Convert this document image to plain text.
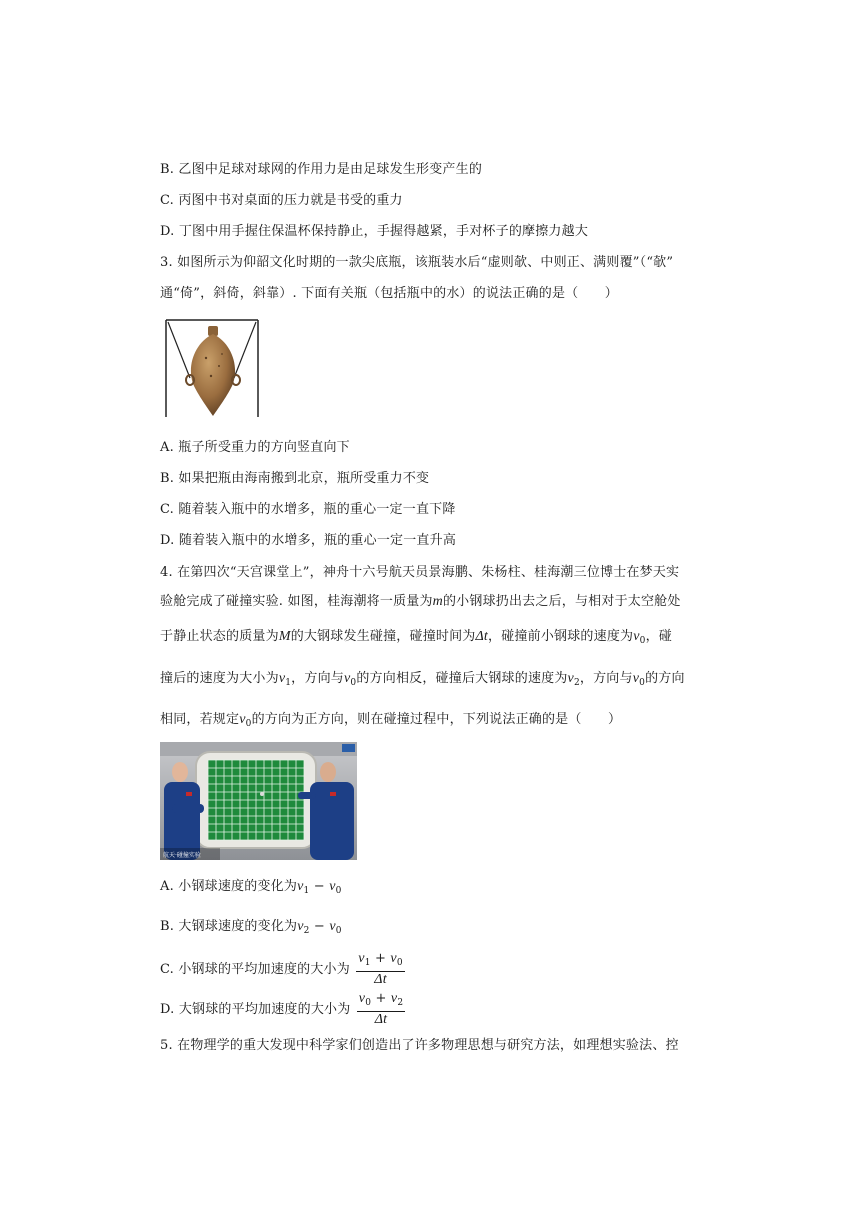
B. 乙图中足球对球网的作用力是由足球发生形变产生的
C. 丙图中书对桌面的压力就是书受的重力
D. 丁图中用手握住保温杯保持静止，手握得越紧，手对杯子的摩擦力越大
3. 如图所示为仰韶文化时期的一款尖底瓶，该瓶装水后“虚则欹、中则正、满则覆”（“欹”
通“倚”，斜倚，斜靠）. 下面有关瓶（包括瓶中的水）的说法正确的是（　　）
A. 瓶子所受重力的方向竖直向下
B. 如果把瓶由海南搬到北京，瓶所受重力不变
C. 随着装入瓶中的水增多，瓶的重心一定一直下降
D. 随着装入瓶中的水增多，瓶的重心一定一直升高
4. 在第四次“天宫课堂上”，神舟十六号航天员景海鹏、朱杨柱、桂海潮三位博士在梦天实
验舱完成了碰撞实验. 如图，桂海潮将一质量为m的小钢球扔出去之后，与相对于太空舱处
于静止状态的质量为M的大钢球发生碰撞，碰撞时间为Δt，碰撞前小钢球的速度为$v_0$，碰
撞后的速度为大小为$v_1$，方向与$v_0$的方向相反，碰撞后大钢球的速度为$v_2$，方向与$v_0$的方向
相同，若规定$v_0$的方向为正方向，则在碰撞过程中，下列说法正确的是（　　）
航天·碰撞实验
A. 小钢球速度的变化为$v_1 - v_0$
B. 大钢球速度的变化为$v_2 - v_0$
C. 小钢球的平均加速度的大小为 $\frac{v_1 + v_0}{\Delta t}$
D. 大钢球的平均加速度的大小为 $\frac{v_0 + v_2}{\Delta t}$
5. 在物理学的重大发现中科学家们创造出了许多物理思想与研究方法，如理想实验法、控
